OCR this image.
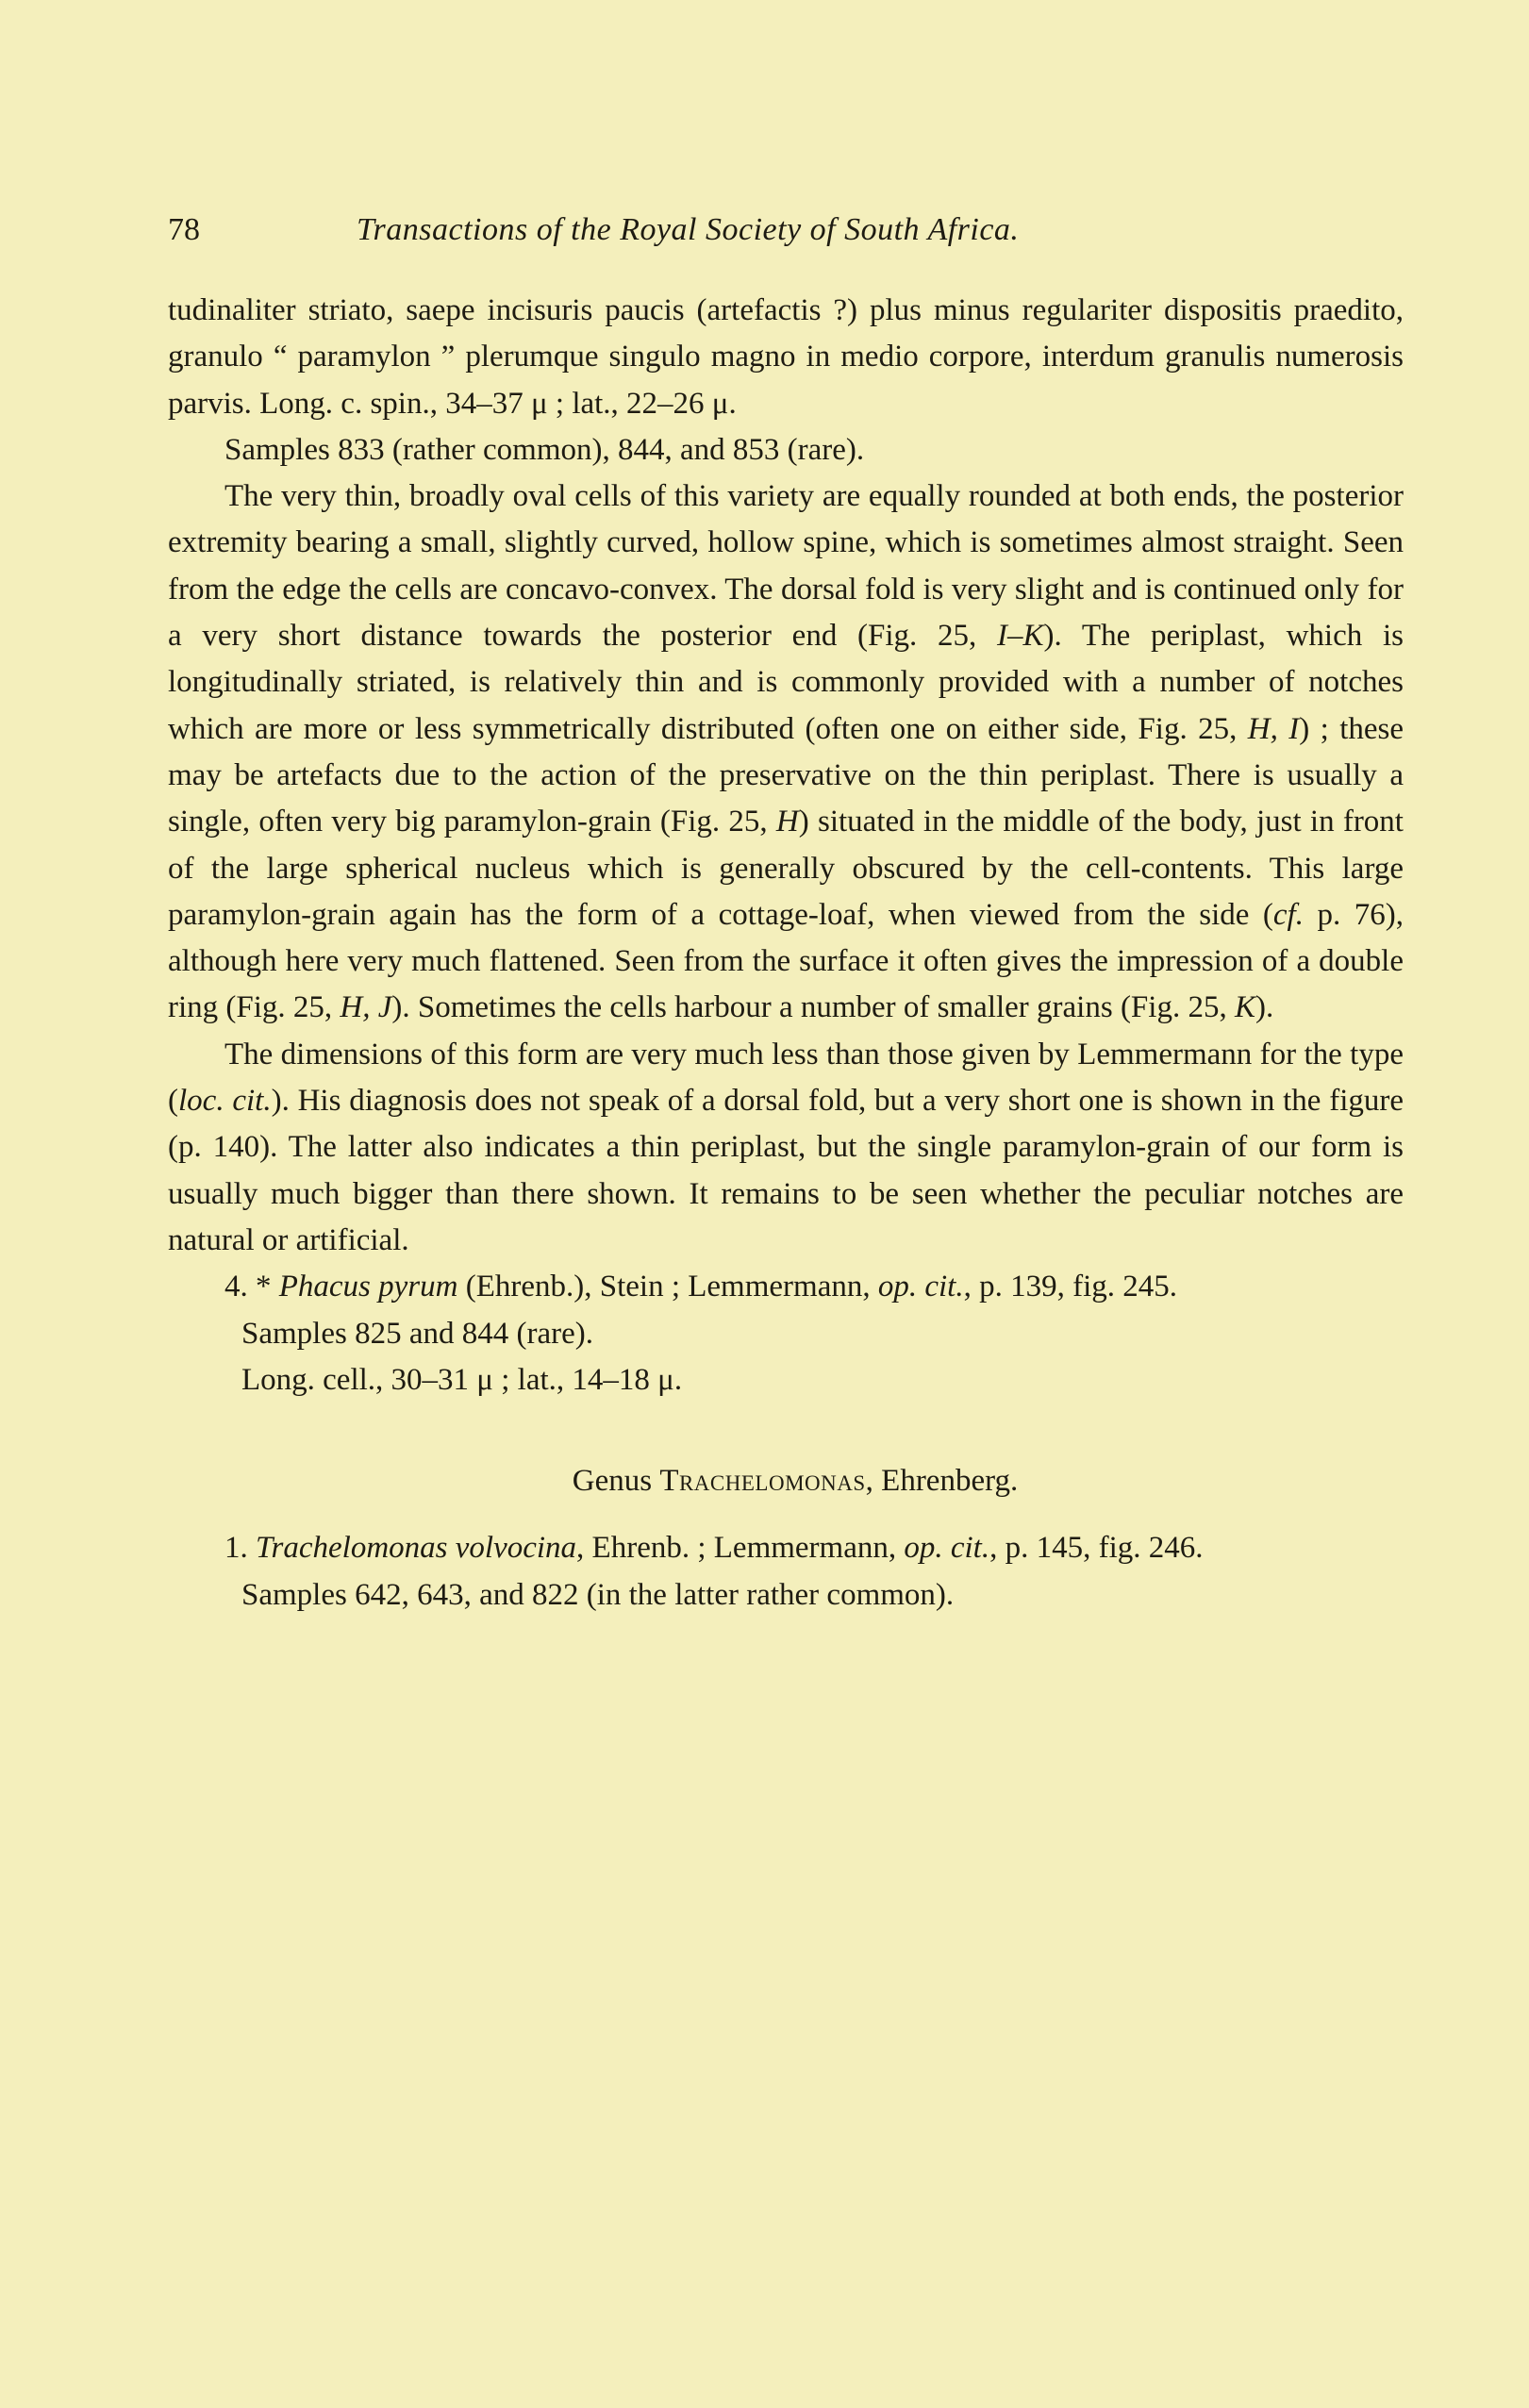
78	Transactions of the Royal Society of South Africa.

tudinaliter striato, saepe incisuris paucis (artefactis ?) plus minus regulariter dispositis praedito, granulo “ paramylon ” plerumque singulo magno in medio corpore, interdum granulis numerosis parvis. Long. c. spin., 34–37 μ ; lat., 22–26 μ.

Samples 833 (rather common), 844, and 853 (rare).

The very thin, broadly oval cells of this variety are equally rounded at both ends, the posterior extremity bearing a small, slightly curved, hollow spine, which is sometimes almost straight. Seen from the edge the cells are concavo-convex. The dorsal fold is very slight and is continued only for a very short distance towards the posterior end (Fig. 25, I–K). The periplast, which is longitudinally striated, is relatively thin and is commonly provided with a number of notches which are more or less symmetrically distributed (often one on either side, Fig. 25, H, I) ; these may be artefacts due to the action of the preservative on the thin periplast. There is usually a single, often very big paramylon-grain (Fig. 25, H) situated in the middle of the body, just in front of the large spherical nucleus which is generally obscured by the cell-contents. This large paramylon-grain again has the form of a cottage-loaf, when viewed from the side (cf. p. 76), although here very much flattened. Seen from the surface it often gives the impression of a double ring (Fig. 25, H, J). Sometimes the cells harbour a number of smaller grains (Fig. 25, K).

The dimensions of this form are very much less than those given by Lemmermann for the type (loc. cit.). His diagnosis does not speak of a dorsal fold, but a very short one is shown in the figure (p. 140). The latter also indicates a thin periplast, but the single paramylon-grain of our form is usually much bigger than there shown. It remains to be seen whether the peculiar notches are natural or artificial.

4. * Phacus pyrum (Ehrenb.), Stein ; Lemmermann, op. cit., p. 139, fig. 245.

Samples 825 and 844 (rare).

Long. cell., 30–31 μ ; lat., 14–18 μ.

Genus Trachelomonas, Ehrenberg.

1. Trachelomonas volvocina, Ehrenb. ; Lemmermann, op. cit., p. 145, fig. 246.

Samples 642, 643, and 822 (in the latter rather common).
